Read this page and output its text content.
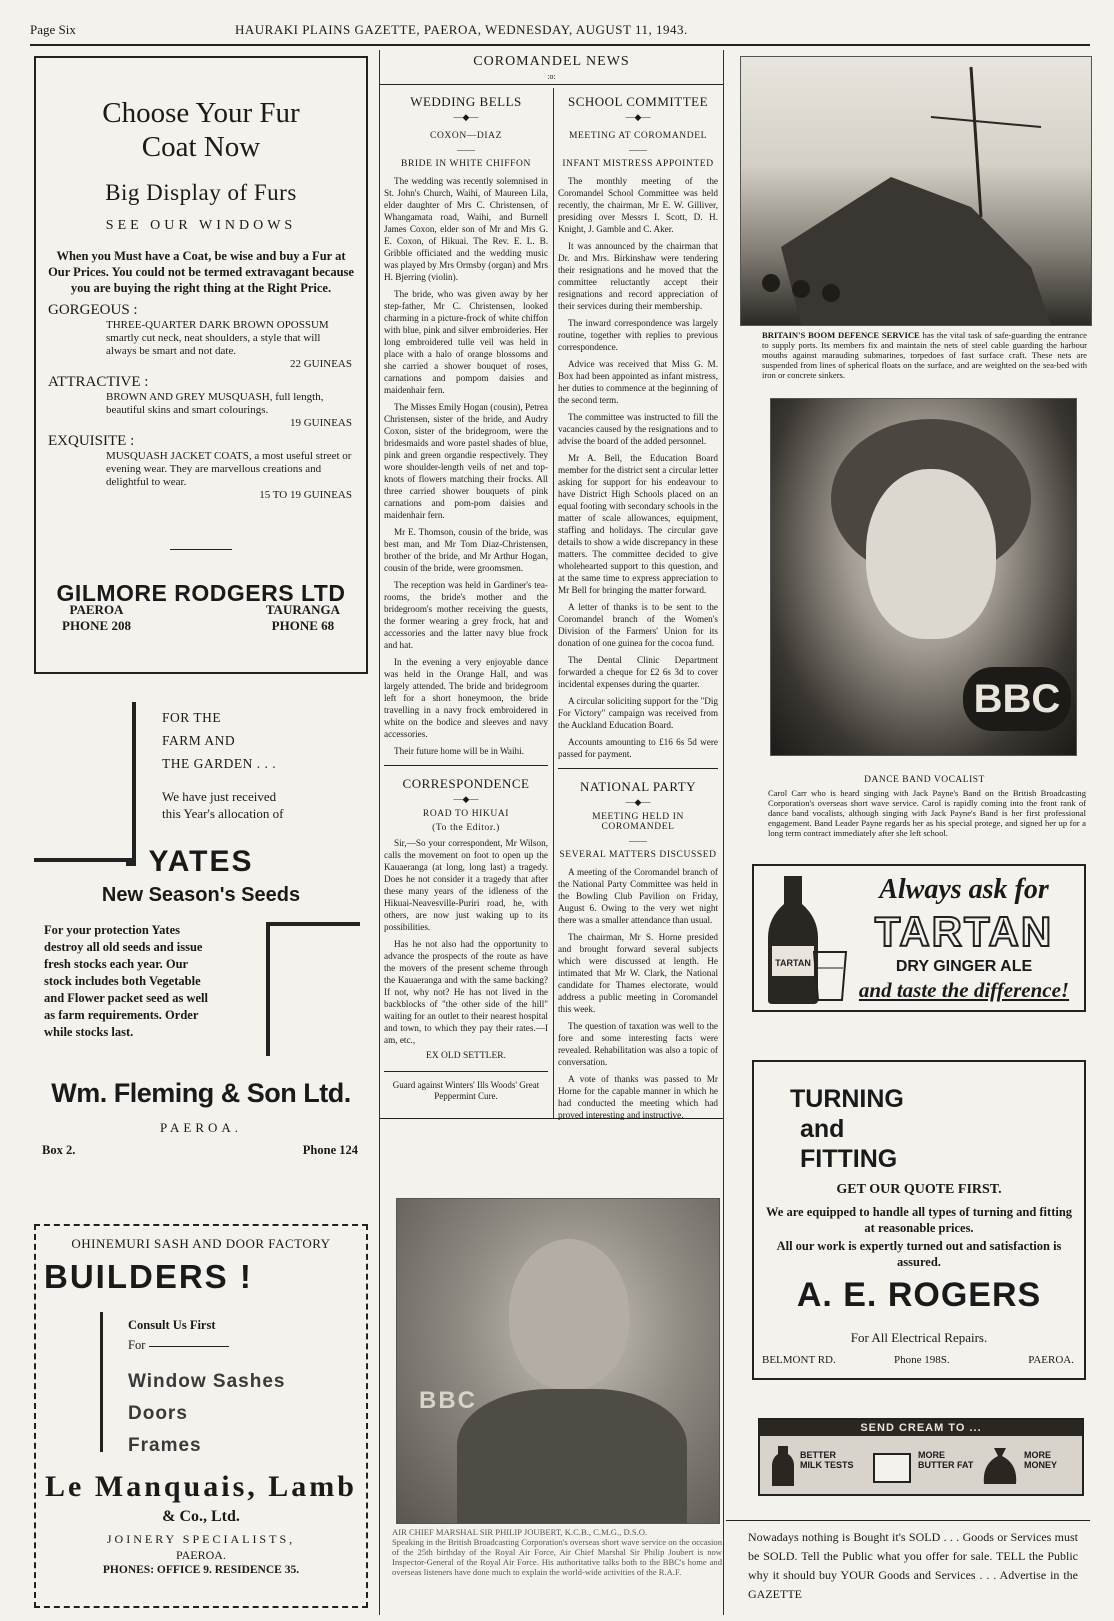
Page Six	HAURAKI PLAINS GAZETTE, PAEROA, WEDNESDAY, AUGUST 11, 1943.
Choose Your Fur
Coat Now
Big Display of Furs
SEE OUR WINDOWS
When you Must have a Coat, be wise and buy a Fur at Our Prices. You could not be termed extravagant because you are buying the right thing at the Right Price.
GORGEOUS :
THREE-QUARTER DARK BROWN OPOSSUM smartly cut neck, neat shoulders, a style that will always be smart and not date.
22 GUINEAS
ATTRACTIVE :
BROWN AND GREY MUSQUASH, full length, beautiful skins and smart colourings.
19 GUINEAS
EXQUISITE :
MUSQUASH JACKET COATS, a most useful street or evening wear. They are marvellous creations and delightful to wear.
15 TO 19 GUINEAS
GILMORE RODGERS LTD
PAEROA
PHONE 208
TAURANGA
PHONE 68
FOR THE
FARM AND
THE GARDEN . . .
We have just received
this Year's allocation of
YATES
New Season's Seeds
For your protection Yates destroy all old seeds and issue fresh stocks each year. Our stock includes both Vegetable and Flower packet seed as well as farm requirements. Order while stocks last.
Wm. Fleming & Son Ltd.
PAEROA.
Box 2.	Phone 124
OHINEMURI SASH AND DOOR FACTORY
BUILDERS !
Consult Us First
For
Window Sashes
Doors
Frames
Le Manquais, Lamb
& Co., Ltd.
JOINERY SPECIALISTS,
PAEROA.
PHONES: OFFICE 9. RESIDENCE 35.
COROMANDEL NEWS
:o:
WEDDING BELLS
—◆—
COXON—DIAZ
——
BRIDE IN WHITE CHIFFON

The wedding was recently solemnised in St. John's Church, Waihi, of Maureen Lila, elder daughter of Mrs C. Christensen, of Whangamata road, Waihi, and Burnell James Coxon, elder son of Mr and Mrs G. E. Coxon, of Hikuai. The Rev. E. L. B. Gribble officiated and the wedding music was played by Mrs Ormsby (organ) and Mrs H. Bjerring (violin).

The bride, who was given away by her step-father, Mr C. Christensen, looked charming in a picture-frock of white chiffon with blue, pink and silver embroideries. Her long embroidered tulle veil was held in place with a halo of orange blossoms and she carried a shower bouquet of roses, carnations and pompom daisies and maidenhair fern.

The Misses Emily Hogan (cousin), Petrea Christensen, sister of the bride, and Audry Coxon, sister of the bridegroom, were the bridesmaids and wore pastel shades of blue, pink and green organdie respectively. They wore shoulder-length veils of net and top-knots of flowers matching their frocks. All three carried shower bouquets of pink carnations and pom-pom daisies and maidenhair fern.

Mr E. Thomson, cousin of the bride, was best man, and Mr Tom Diaz-Christensen, brother of the bride, and Mr Arthur Hogan, cousin of the bride, were groomsmen.

The reception was held in Gardiner's tea-rooms, the bride's mother and the bridegroom's mother receiving the guests, the former wearing a grey frock, hat and accessories and the latter navy blue frock and hat.

In the evening a very enjoyable dance was held in the Orange Hall, and was largely attended. The bride and bridegroom left for a short honeymoon, the bride travelling in a navy frock embroidered in white on the bodice and sleeves and navy accessories.

Their future home will be in Waihi.

CORRESPONDENCE
—◆—
ROAD TO HIKUAI
(To the Editor.)

Sir,—So your correspondent, Mr Wilson, calls the movement on foot to open up the Kauaeranga (at long, long last) a tragedy. Does he not consider it a tragedy that after these many years of the idleness of the Hikuai-Neavesville-Puriri road, he, with others, are now just waking up to its possibilities.

Has he not also had the opportunity to advance the prospects of the route as have the movers of the present scheme through the Kauaeranga and with the same backing? If not, why not? He has not lived in the backblocks of "the other side of the hill" waiting for an outlet to their nearest hospital and town, to which they pay their rates.—I am, etc.,

EX OLD SETTLER.
Guard against Winters' Ills Woods' Great Peppermint Cure.
SCHOOL COMMITTEE
—◆—
MEETING AT COROMANDEL
——
INFANT MISTRESS APPOINTED

The monthly meeting of the Coromandel School Committee was held recently, the chairman, Mr E. W. Gilliver, presiding over Messrs I. Scott, D. H. Knight, J. Gamble and C. Aker.

It was announced by the chairman that Dr. and Mrs. Birkinshaw were tendering their resignations and he moved that the committee reluctantly accept their resignations and record appreciation of their services during their membership.

The inward correspondence was largely routine, together with replies to previous correspondence.

Advice was received that Miss G. M. Box had been appointed as infant mistress, her duties to commence at the beginning of the second term.

The committee was instructed to fill the vacancies caused by the resignations and to advise the board of the added personnel.

Mr A. Bell, the Education Board member for the district sent a circular letter asking for support for his endeavour to have District High Schools placed on an equal footing with secondary schools in the matter of scale allowances, equipment, staffing and holidays. The circular gave details to show a wide discrepancy in these matters. The committee decided to give wholehearted support to this question, and at the same time to express appreciation to Mr Bell for bringing the matter forward.

A letter of thanks is to be sent to the Coromandel branch of the Women's Division of the Farmers' Union for its donation of one guinea for the cocoa fund.

The Dental Clinic Department forwarded a cheque for £2 6s 3d to cover incidental expenses during the quarter.

A circular soliciting support for the "Dig For Victory" campaign was received from the Auckland Education Board.

Accounts amounting to £16 6s 5d were passed for payment.

NATIONAL PARTY
—◆—
MEETING HELD IN COROMANDEL
——
SEVERAL MATTERS DISCUSSED

A meeting of the Coromandel branch of the National Party Committee was held in the Bowling Club Pavilion on Friday, August 6. Owing to the very wet night there was a smaller attendance than usual.

The chairman, Mr S. Horne presided and brought forward several subjects which were discussed at length. He intimated that Mr W. Clark, the National candidate for Thames electorate, would address a public meeting in Coromandel this week.

The question of taxation was well to the fore and some interesting facts were revealed. Rehabilitation was also a topic of conversation.

A vote of thanks was passed to Mr Horne for the capable manner in which he had conducted the meeting which had proved interesting and instructive.

BBC
AIR CHIEF MARSHAL SIR PHILIP JOUBERT, K.C.B., C.M.G., D.S.O.
Speaking in the British Broadcasting Corporation's overseas short wave service on the occasion of the 25th birthday of the Royal Air Force, Air Chief Marshal Sir Philip Joubert is now Inspector-General of the Royal Air Force. His authoritative talks both to the BBC's home and overseas listeners have done much to explain the world-wide activities of the R.A.F.
BRITAIN'S BOOM DEFENCE SERVICE has the vital task of safe-guarding the entrance to supply ports. Its members fix and maintain the nets of steel cable guarding the harbour mouths against marauding submarines, torpedoes of fast surface craft. These nets are suspended from lines of spherical floats on the surface, and are weighted on the sea-bed with iron or concrete sinkers.
BBC
DANCE BAND VOCALIST
Carol Carr who is heard singing with Jack Payne's Band on the British Broadcasting Corporation's overseas short wave service. Carol is rapidly coming into the front rank of dance band vocalists, although singing with Jack Payne's Band is her first professional engagement. Band Leader Payne regards her as his special protege, and signed her up for a long term contract immediately after she left school.
TARTAN
Always ask for
TARTAN
DRY GINGER ALE
and taste the difference!
TURNING
and
FITTING
GET OUR QUOTE FIRST.
We are equipped to handle all types of turning and fitting at reasonable prices.
All our work is expertly turned out and satisfaction is assured.
A. E. ROGERS
For All Electrical Repairs.
BELMONT RD.	Phone 198S.	PAEROA.
SEND CREAM TO ...
BETTER MILK TESTS
MORE BUTTER FAT
MORE MONEY
Nowadays nothing is Bought it's SOLD . . . Goods or Services must be SOLD. Tell the Public what you offer for sale. TELL the Public why it should buy YOUR Goods and Services . . . Advertise in the GAZETTE
